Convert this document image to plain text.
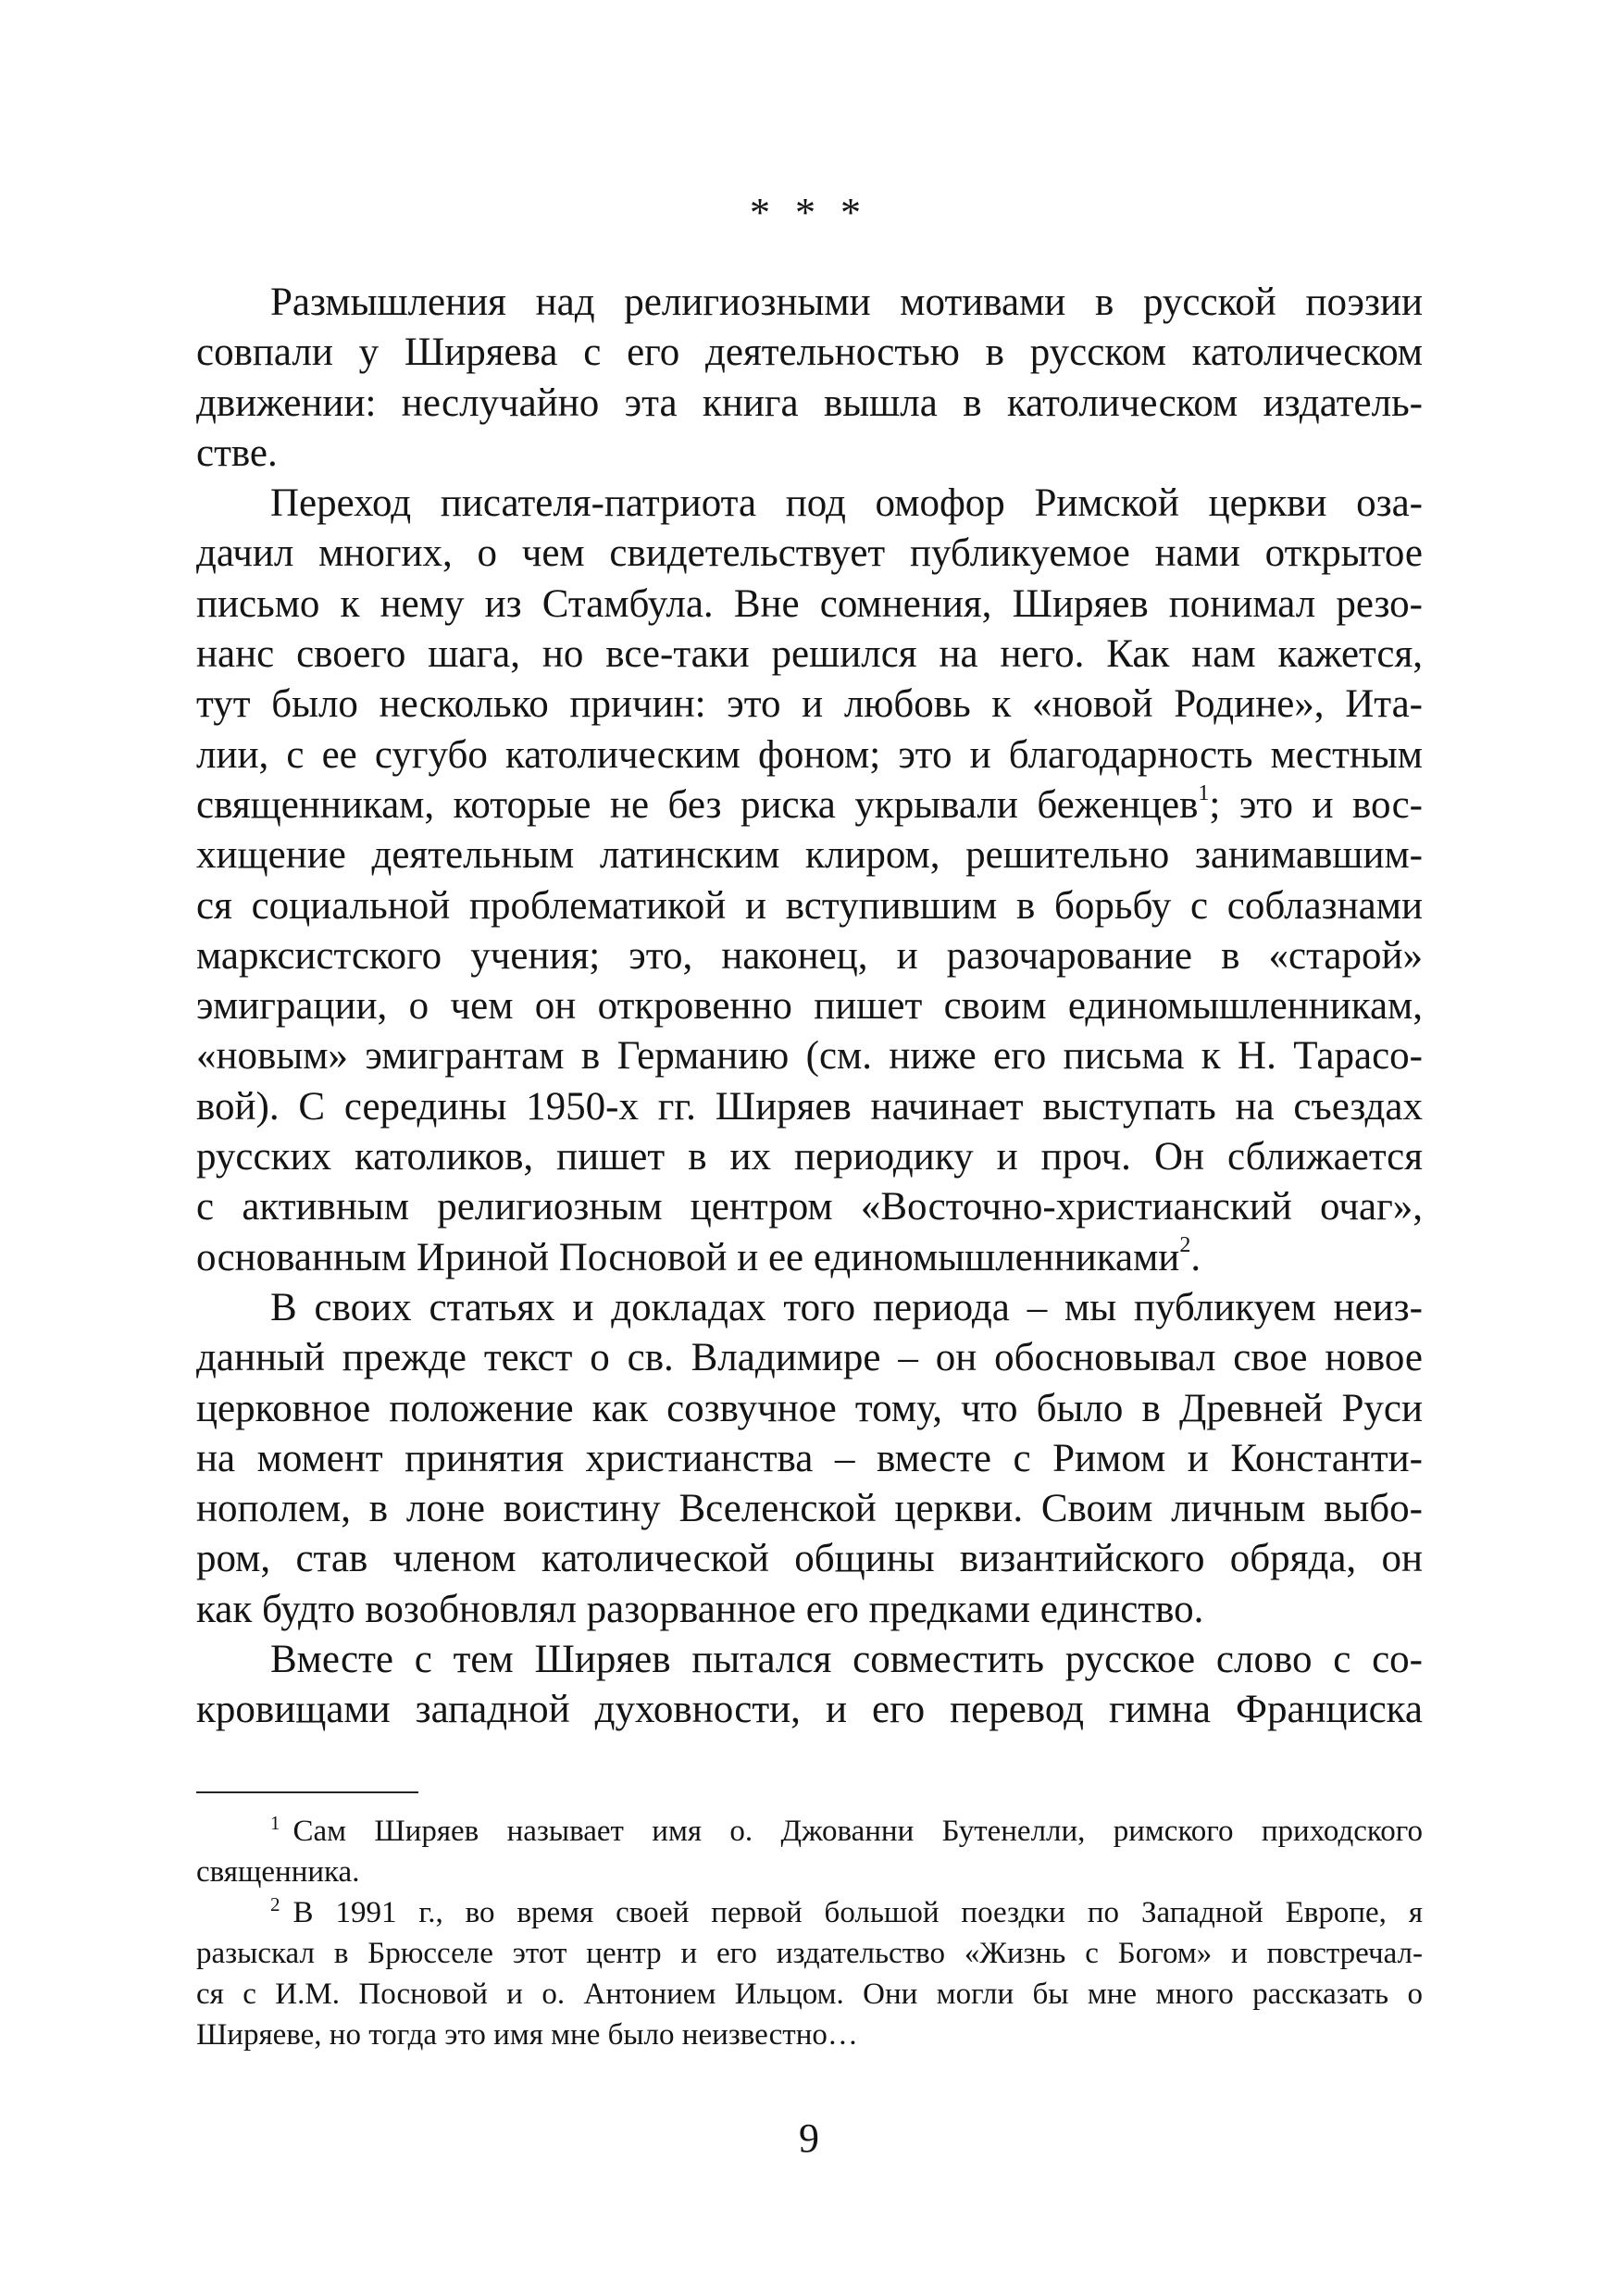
* * *
Размышления над религиозными мотивами в русской поэзии
совпали у Ширяева с его деятельностью в русском католическом
движении: неслучайно эта книга вышла в католическом издатель-
стве.
Переход писателя-патриота под омофор Римской церкви оза-
дачил многих, о чем свидетельствует публикуемое нами открытое
письмо к нему из Стамбула. Вне сомнения, Ширяев понимал резо-
нанс своего шага, но все-таки решился на него. Как нам кажется,
тут было несколько причин: это и любовь к «новой Родине», Ита-
лии, с ее сугубо католическим фоном; это и благодарность местным
священникам, которые не без риска укрывали беженцев$^1$; это и вос-
хищение деятельным латинским клиром, решительно занимавшим-
ся социальной проблематикой и вступившим в борьбу с соблазнами
марксистского учения; это, наконец, и разочарование в «старой»
эмиграции, о чем он откровенно пишет своим единомышленникам,
«новым» эмигрантам в Германию (см. ниже его письма к Н. Тарасо-
вой). С середины 1950-х гг. Ширяев начинает выступать на съездах
русских католиков, пишет в их периодику и проч. Он сближается
с активным религиозным центром «Восточно-христианский очаг»,
основанным Ириной Посновой и ее единомышленниками$^2$.
В своих статьях и докладах того периода – мы публикуем неиз-
данный прежде текст о св. Владимире – он обосновывал свое новое
церковное положение как созвучное тому, что было в Древней Руси
на момент принятия христианства – вместе с Римом и Константи-
нополем, в лоне воистину Вселенской церкви. Своим личным выбо-
ром, став членом католической общины византийского обряда, он
как будто возобновлял разорванное его предками единство.
Вместе с тем Ширяев пытался совместить русское слово с со-
кровищами западной духовности, и его перевод гимна Франциска
$^1$ Сам Ширяев называет имя о. Джованни Бутенелли, римского приходского
священника.
$^2$ В 1991 г., во время своей первой большой поездки по Западной Европе, я
разыскал в Брюсселе этот центр и его издательство «Жизнь с Богом» и повстречал-
ся с И.М. Посновой и о. Антонием Ильцом. Они могли бы мне много рассказать о
Ширяеве, но тогда это имя мне было неизвестно…
9
